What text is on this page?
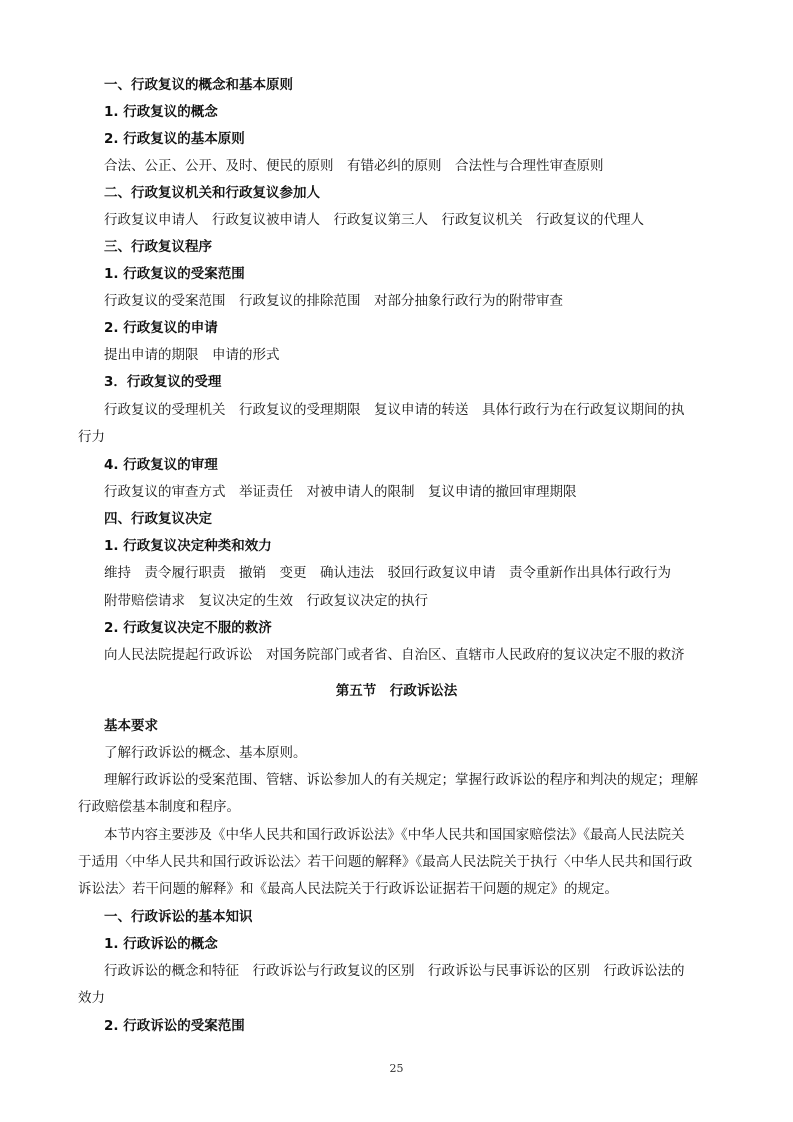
一、行政复议的概念和基本原则

1. 行政复议的概念

2. 行政复议的基本原则

合法、公正、公开、及时、便民的原则　有错必纠的原则　合法性与合理性审查原则

二、行政复议机关和行政复议参加人

行政复议申请人　行政复议被申请人　行政复议第三人　行政复议机关　行政复议的代理人

三、行政复议程序

1. 行政复议的受案范围

行政复议的受案范围　行政复议的排除范围　对部分抽象行政行为的附带审查

2. 行政复议的申请

提出申请的期限　申请的形式

3．行政复议的受理

行政复议的受理机关　行政复议的受理期限　复议申请的转送　具体行政行为在行政复议期间的执

行力

4. 行政复议的审理

行政复议的审查方式　举证责任　对被申请人的限制　复议申请的撤回审理期限

四、行政复议决定

1. 行政复议决定种类和效力

维持　责令履行职责　撤销　变更　确认违法　驳回行政复议申请　责令重新作出具体行政行为

附带赔偿请求　复议决定的生效　行政复议决定的执行

2. 行政复议决定不服的救济

向人民法院提起行政诉讼　对国务院部门或者省、自治区、直辖市人民政府的复议决定不服的救济

第五节　行政诉讼法

基本要求

了解行政诉讼的概念、基本原则。

理解行政诉讼的受案范围、管辖、诉讼参加人的有关规定；掌握行政诉讼的程序和判决的规定；理解

行政赔偿基本制度和程序。

本节内容主要涉及《中华人民共和国行政诉讼法》《中华人民共和国国家赔偿法》《最高人民法院关

于适用〈中华人民共和国行政诉讼法〉若干问题的解释》《最高人民法院关于执行〈中华人民共和国行政

诉讼法〉若干问题的解释》和《最高人民法院关于行政诉讼证据若干问题的规定》的规定。

一、行政诉讼的基本知识

1. 行政诉讼的概念

行政诉讼的概念和特征　行政诉讼与行政复议的区别　行政诉讼与民事诉讼的区别　行政诉讼法的

效力

2. 行政诉讼的受案范围

25
